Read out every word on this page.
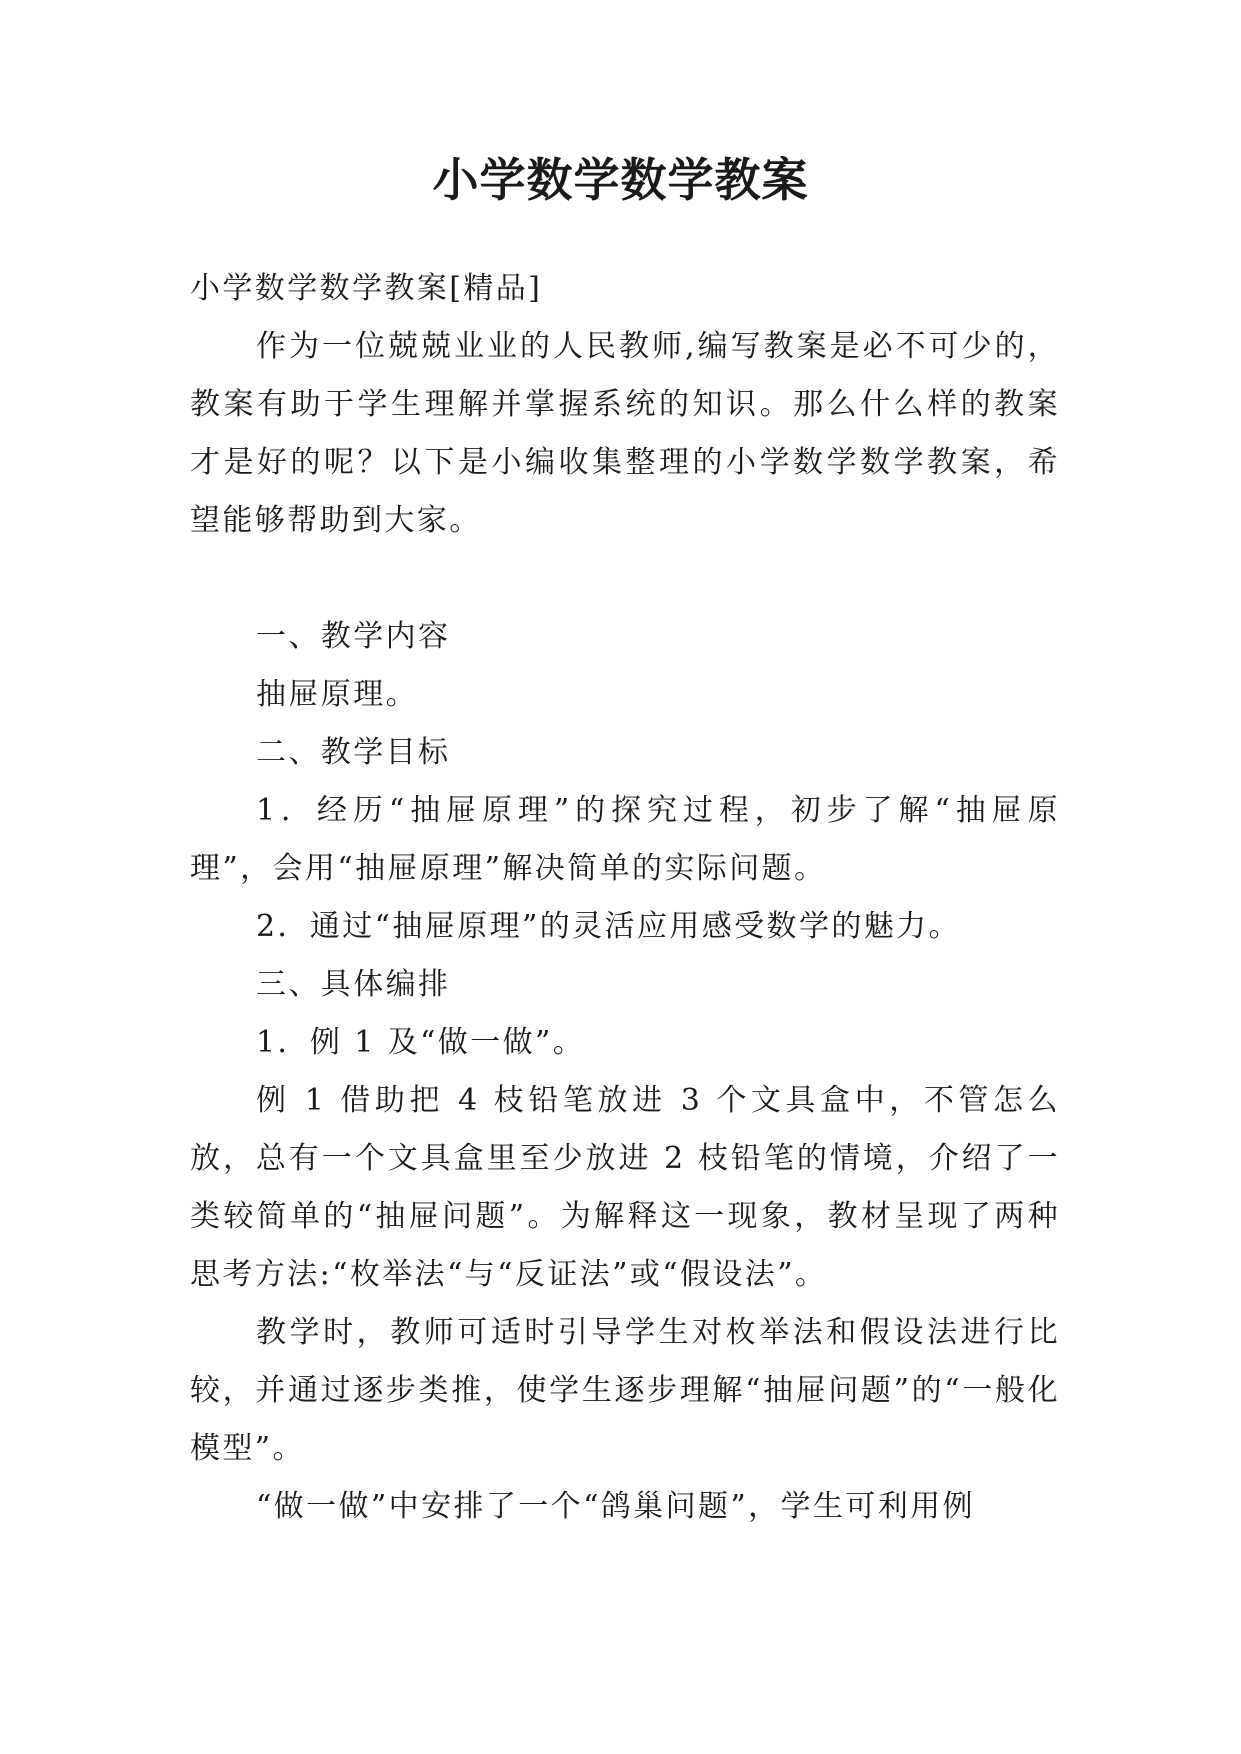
小学数学数学教案

小学数学数学教案[精品]

作为一位兢兢业业的人民教师,编写教案是必不可少的，教案有助于学生理解并掌握系统的知识。那么什么样的教案才是好的呢？以下是小编收集整理的小学数学数学教案，希望能够帮助到大家。

一、教学内容

抽屉原理。

二、教学目标

1．经历“抽屉原理”的探究过程，初步了解“抽屉原理”，会用“抽屉原理”解决简单的实际问题。

2．通过“抽屉原理”的灵活应用感受数学的魅力。

三、具体编排

1．例 1 及“做一做”。

例 1 借助把 4 枝铅笔放进 3 个文具盒中，不管怎么放，总有一个文具盒里至少放进 2 枝铅笔的情境，介绍了一类较简单的“抽屉问题”。为解释这一现象，教材呈现了两种思考方法:“枚举法“与“反证法”或“假设法”。

教学时，教师可适时引导学生对枚举法和假设法进行比较，并通过逐步类推，使学生逐步理解“抽屉问题”的“一般化模型”。

“做一做”中安排了一个“鸽巢问题”，学生可利用例
